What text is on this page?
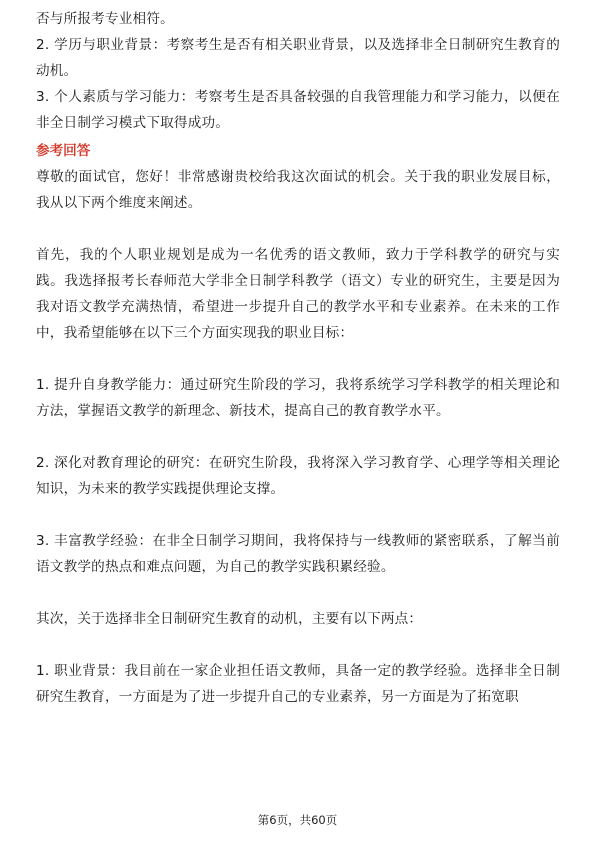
否与所报考专业相符。

2. 学历与职业背景：考察考生是否有相关职业背景，以及选择非全日制研究生教育的动机。

3. 个人素质与学习能力：考察考生是否具备较强的自我管理能力和学习能力，以便在非全日制学习模式下取得成功。

参考回答

尊敬的面试官，您好！非常感谢贵校给我这次面试的机会。关于我的职业发展目标，我从以下两个维度来阐述。

首先，我的个人职业规划是成为一名优秀的语文教师，致力于学科教学的研究与实践。我选择报考长春师范大学非全日制学科教学（语文）专业的研究生，主要是因为我对语文教学充满热情，希望进一步提升自己的教学水平和专业素养。在未来的工作中，我希望能够在以下三个方面实现我的职业目标：

1. 提升自身教学能力：通过研究生阶段的学习，我将系统学习学科教学的相关理论和方法，掌握语文教学的新理念、新技术，提高自己的教育教学水平。

2. 深化对教育理论的研究：在研究生阶段，我将深入学习教育学、心理学等相关理论知识，为未来的教学实践提供理论支撑。

3. 丰富教学经验：在非全日制学习期间，我将保持与一线教师的紧密联系，了解当前语文教学的热点和难点问题，为自己的教学实践积累经验。

其次，关于选择非全日制研究生教育的动机，主要有以下两点：

1. 职业背景：我目前在一家企业担任语文教师，具备一定的教学经验。选择非全日制研究生教育，一方面是为了进一步提升自己的专业素养，另一方面是为了拓宽职

第6页，共60页
